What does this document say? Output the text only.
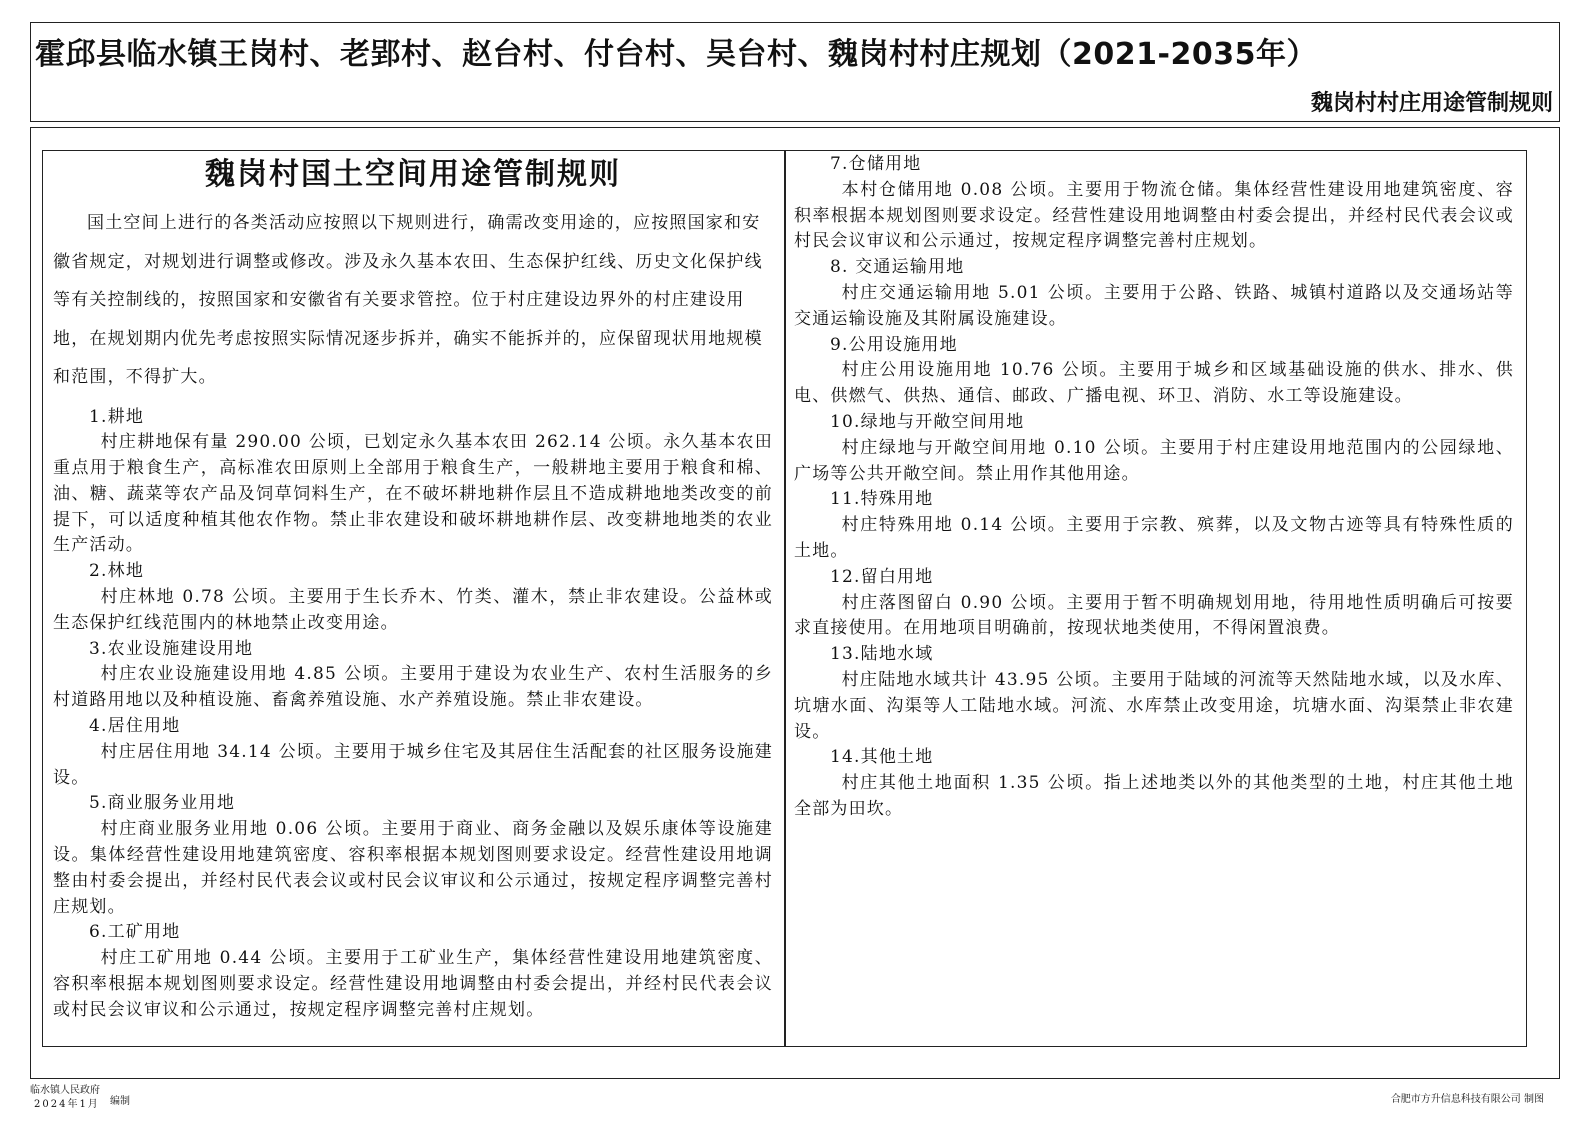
霍邱县临水镇王岗村、老郢村、赵台村、付台村、吴台村、魏岗村村庄规划（2021-2035年）
魏岗村村庄用途管制规则
魏岗村国土空间用途管制规则
国土空间上进行的各类活动应按照以下规则进行，确需改变用途的，应按照国家和安徽省规定，对规划进行调整或修改。涉及永久基本农田、生态保护红线、历史文化保护线等有关控制线的，按照国家和安徽省有关要求管控。位于村庄建设边界外的村庄建设用地，在规划期内优先考虑按照实际情况逐步拆并，确实不能拆并的，应保留现状用地规模和范围，不得扩大。

1.耕地

村庄耕地保有量 290.00 公顷，已划定永久基本农田 262.14 公顷。永久基本农田重点用于粮食生产，高标准农田原则上全部用于粮食生产，一般耕地主要用于粮食和棉、油、糖、蔬菜等农产品及饲草饲料生产，在不破坏耕地耕作层且不造成耕地地类改变的前提下，可以适度种植其他农作物。禁止非农建设和破坏耕地耕作层、改变耕地地类的农业生产活动。

2.林地

村庄林地 0.78 公顷。主要用于生长乔木、竹类、灌木，禁止非农建设。公益林或生态保护红线范围内的林地禁止改变用途。

3.农业设施建设用地

村庄农业设施建设用地 4.85 公顷。主要用于建设为农业生产、农村生活服务的乡村道路用地以及种植设施、畜禽养殖设施、水产养殖设施。禁止非农建设。

4.居住用地

村庄居住用地 34.14 公顷。主要用于城乡住宅及其居住生活配套的社区服务设施建设。

5.商业服务业用地

村庄商业服务业用地 0.06 公顷。主要用于商业、商务金融以及娱乐康体等设施建设。集体经营性建设用地建筑密度、容积率根据本规划图则要求设定。经营性建设用地调整由村委会提出，并经村民代表会议或村民会议审议和公示通过，按规定程序调整完善村庄规划。

6.工矿用地

村庄工矿用地 0.44 公顷。主要用于工矿业生产，集体经营性建设用地建筑密度、容积率根据本规划图则要求设定。经营性建设用地调整由村委会提出，并经村民代表会议或村民会议审议和公示通过，按规定程序调整完善村庄规划。

7.仓储用地

本村仓储用地 0.08 公顷。主要用于物流仓储。集体经营性建设用地建筑密度、容积率根据本规划图则要求设定。经营性建设用地调整由村委会提出，并经村民代表会议或村民会议审议和公示通过，按规定程序调整完善村庄规划。

8. 交通运输用地

村庄交通运输用地 5.01 公顷。主要用于公路、铁路、城镇村道路以及交通场站等交通运输设施及其附属设施建设。

9.公用设施用地

村庄公用设施用地 10.76 公顷。主要用于城乡和区域基础设施的供水、排水、供电、供燃气、供热、通信、邮政、广播电视、环卫、消防、水工等设施建设。

10.绿地与开敞空间用地

村庄绿地与开敞空间用地 0.10 公顷。主要用于村庄建设用地范围内的公园绿地、广场等公共开敞空间。禁止用作其他用途。

11.特殊用地

村庄特殊用地 0.14 公顷。主要用于宗教、殡葬，以及文物古迹等具有特殊性质的土地。

12.留白用地

村庄落图留白 0.90 公顷。主要用于暂不明确规划用地，待用地性质明确后可按要求直接使用。在用地项目明确前，按现状地类使用，不得闲置浪费。

13.陆地水域

村庄陆地水域共计 43.95 公顷。主要用于陆域的河流等天然陆地水域，以及水库、坑塘水面、沟渠等人工陆地水域。河流、水库禁止改变用途，坑塘水面、沟渠禁止非农建设。

14.其他土地

村庄其他土地面积 1.35 公顷。指上述地类以外的其他类型的土地，村庄其他土地全部为田坎。

临水镇人民政府
2024年1月 编制	合肥市方升信息科技有限公司 制图
